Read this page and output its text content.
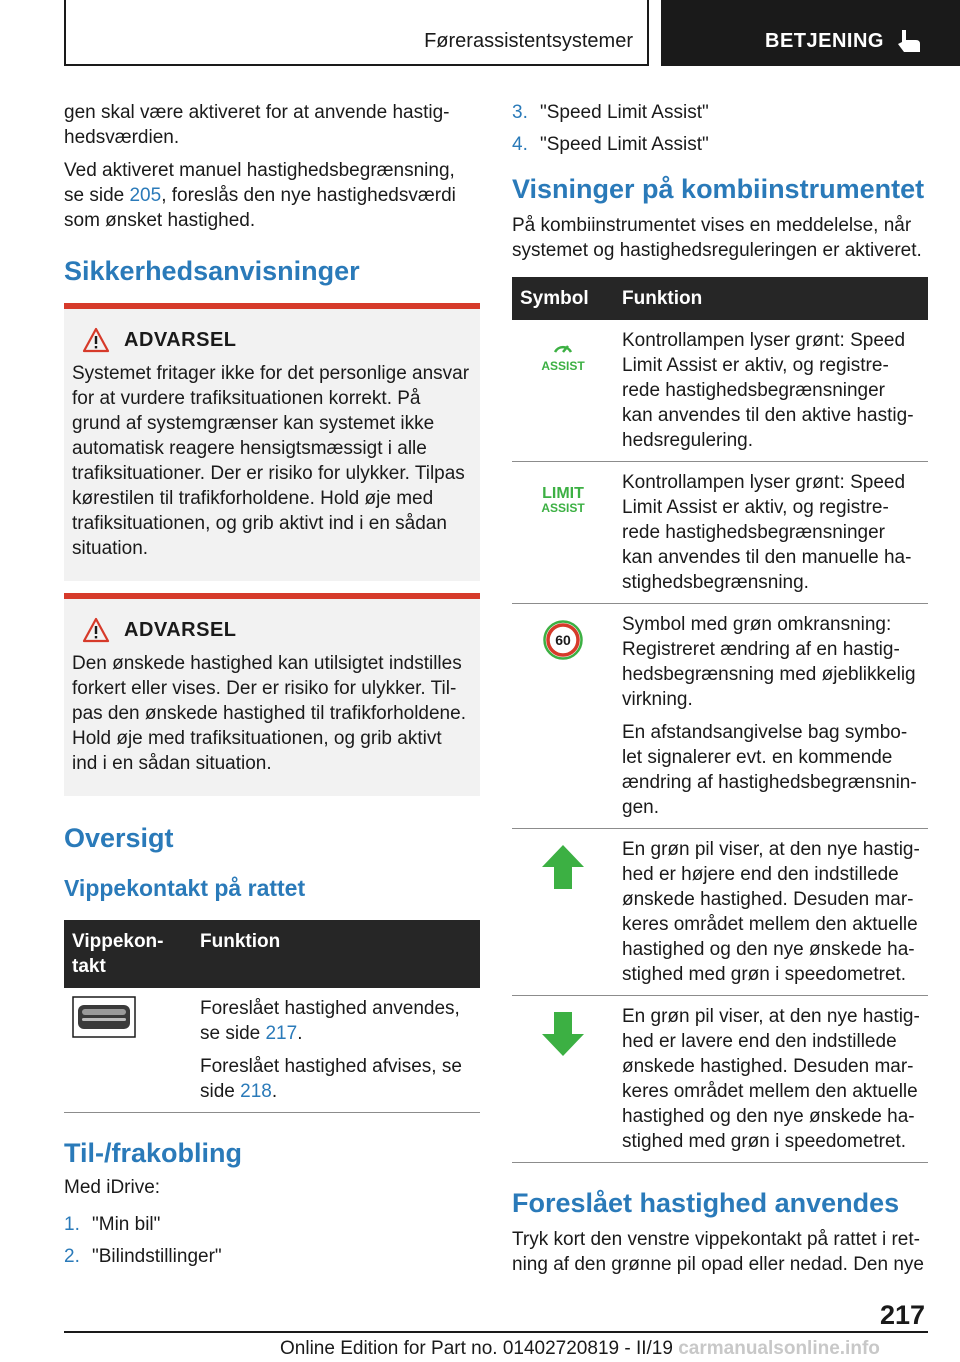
Førerassistentsystemer	BETJENING

gen skal være aktiveret for at anvende hastighedsværdien.

Ved aktiveret manuel hastighedsbegrænsning, se side 205, foreslås den nye hastighedsværdi som ønsket hastighed.

Sikkerhedsanvisninger
ADVARSEL

Systemet fritager ikke for det personlige ansvar for at vurdere trafiksituationen korrekt. På grund af systemgrænser kan systemet ikke automatisk reagere hensigtsmæssigt i alle trafiksituationer. Der er risiko for ulykker. Tilpas kørestilen til trafikforholdene. Hold øje med trafiksituationen, og grib aktivt ind i en sådan situation.

ADVARSEL

Den ønskede hastighed kan utilsigtet indstilles forkert eller vises. Der er risiko for ulykker. Tilpas den ønskede hastighed til trafikforholdene. Hold øje med trafiksituationen, og grib aktivt ind i en sådan situation.

Oversigt
Vippekontakt på rattet
Vippekontakt	Funktion

Foreslået hastighed anvendes, se side 217.

Foreslået hastighed afvises, se side 218.

Til-/frakobling

Med iDrive:

1. "Min bil"
2. "Bilindstillinger"
3. "Speed Limit Assist"
4. "Speed Limit Assist"
Visninger på kombiinstrumentet

På kombiinstrumentet vises en meddelelse, når systemet og hastighedsreguleringen er aktiveret.

Symbol	Funktion

ASSIST	Kontrollampen lyser grønt: Speed Limit Assist er aktiv, og registrerede hastighedsbegrænsninger kan anvendes til den aktive hastighedsregulering.

LIMIT
ASSIST	Kontrollampen lyser grønt: Speed Limit Assist er aktiv, og registrerede hastighedsbegrænsninger kan anvendes til den manuelle hastighedsbegrænsning.

60	Symbol med grøn omkransning: Registreret ændring af en hastighedsbegrænsning med øjeblikkelig virkning.

En afstandsangivelse bag symbolet signalerer evt. en kommende ændring af hastighedsbegrænsningen.

	En grøn pil viser, at den nye hastighed er højere end den indstillede ønskede hastighed. Desuden markeres området mellem den aktuelle hastighed og den nye ønskede hastighed med grøn i speedometret.
	En grøn pil viser, at den nye hastighed er lavere end den indstillede ønskede hastighed. Desuden markeres området mellem den aktuelle hastighed og den nye ønskede hastighed med grøn i speedometret.
Foreslået hastighed anvendes

Tryk kort den venstre vippekontakt på rattet i retning af den grønne pil opad eller nedad. Den nye

217
Online Edition for Part no. 01402720819 - II/19 carmanualsonline.info
